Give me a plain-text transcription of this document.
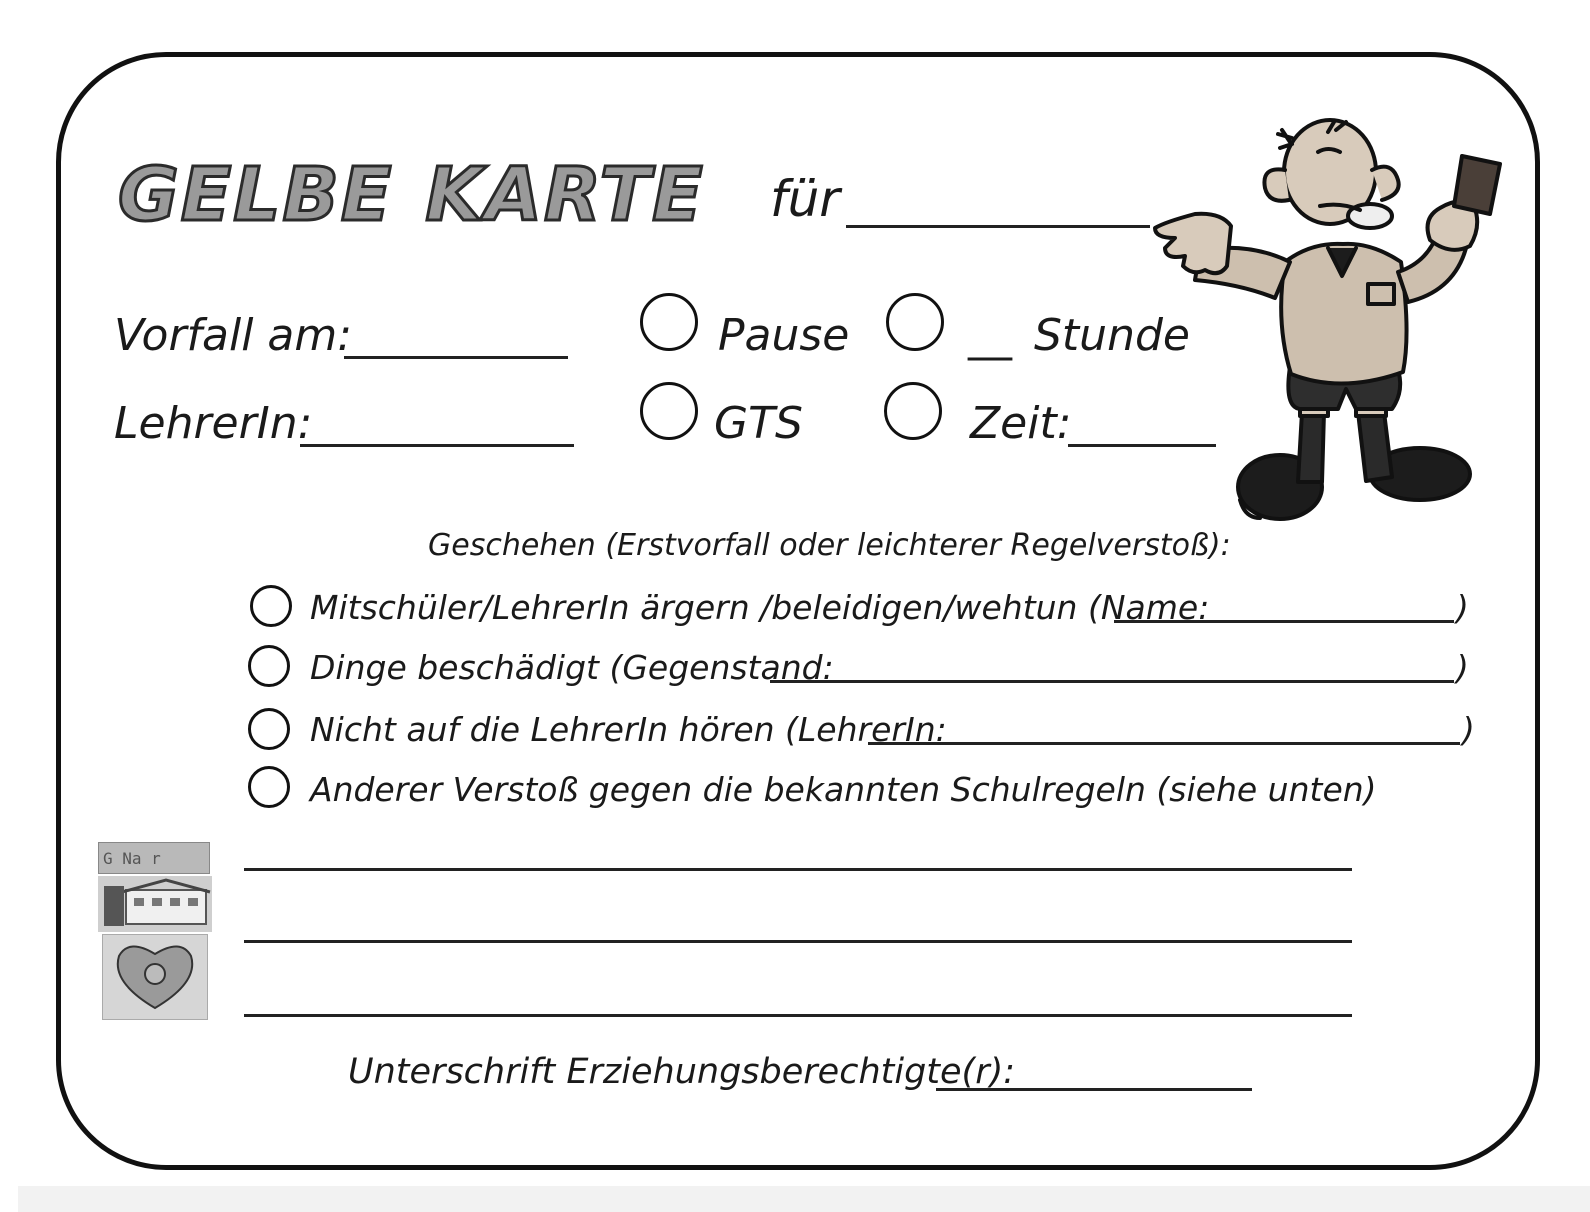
GELBE KARTE für
Vorfall am:	Pause	__ Stunde
LehrerIn:	GTS	Zeit:
Geschehen (Erstvorfall oder leichterer Regelverstoß):
Mitschüler/LehrerIn ärgern /beleidigen/wehtun (Name:	)
Dinge beschädigt (Gegenstand:	)
Nicht auf die LehrerIn hören (LehrerIn:	)
Anderer Verstoß gegen die bekannten Schulregeln (siehe unten)
G Na r
Unterschrift Erziehungsberechtigte(r):
